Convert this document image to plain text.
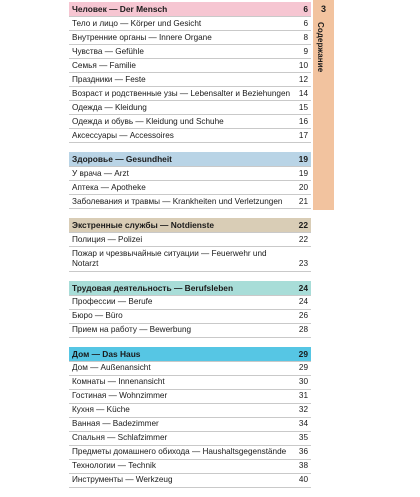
Человек — Der Mensch	6
Тело и лицо — Körper und Gesicht	6
Внутренние органы — Innere Organe	8
Чувства — Gefühle	9
Семья — Familie	10
Праздники — Feste	12
Возраст и родственные узы — Lebensalter и Beziehungen	14
Одежда — Kleidung	15
Одежда и обувь — Kleidung und Schuhe	16
Аксессуары — Accessoires	17
Здоровье — Gesundheit	19
У врача — Arzt	19
Аптека — Apotheke	20
Заболевания и травмы — Krankheiten und Verletzungen	21
Экстренные службы — Notdienste	22
Полиция — Polizei	22
Пожар и чрезвычайные ситуации — Feuerwehr und Notarzt	23
Трудовая деятельность — Berufsleben	24
Профессии — Berufe	24
Бюро — Büro	26
Прием на работу — Bewerbung	28
Дом — Das Haus	29
Дом — Außenansicht	29
Комнаты — Innenansicht	30
Гостиная — Wohnzimmer	31
Кухня — Küche	32
Ванная — Badezimmer	34
Спальня — Schlafzimmer	35
Предметы домашнего обихода — Haushaltsgegenstände	36
Технологии — Technik	38
Инструменты — Werkzeug	40
3
Содержание
